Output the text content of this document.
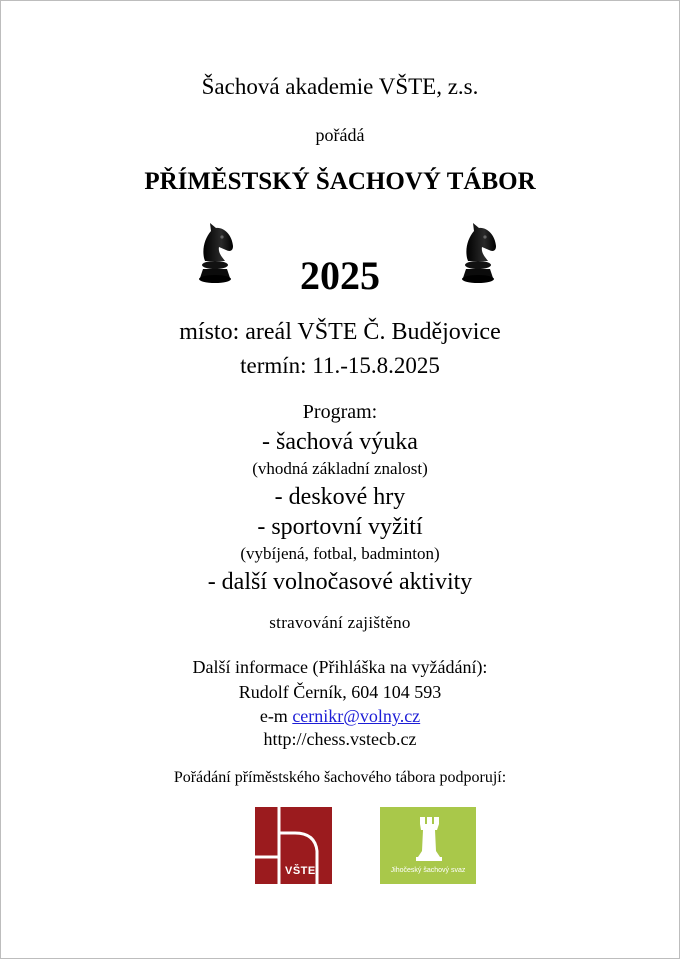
Šachová akademie VŠTE, z.s.
pořádá
PŘÍMĚSTSKÝ ŠACHOVÝ TÁBOR
2025
místo: areál VŠTE Č. Budějovice
termín: 11.-15.8.2025
Program:
- šachová výuka
(vhodná základní znalost)
- deskové hry
- sportovní vyžití
(vybíjená, fotbal, badminton)
- další volnočasové aktivity
stravování zajištěno
Další informace (Přihláška na vyžádání):
Rudolf Černík, 604 104 593
e-m cernikr@volny.cz
http://chess.vstecb.cz
Pořádání příměstského šachového tábora podporují:
VŠTE	Jihočeský šachový svaz
